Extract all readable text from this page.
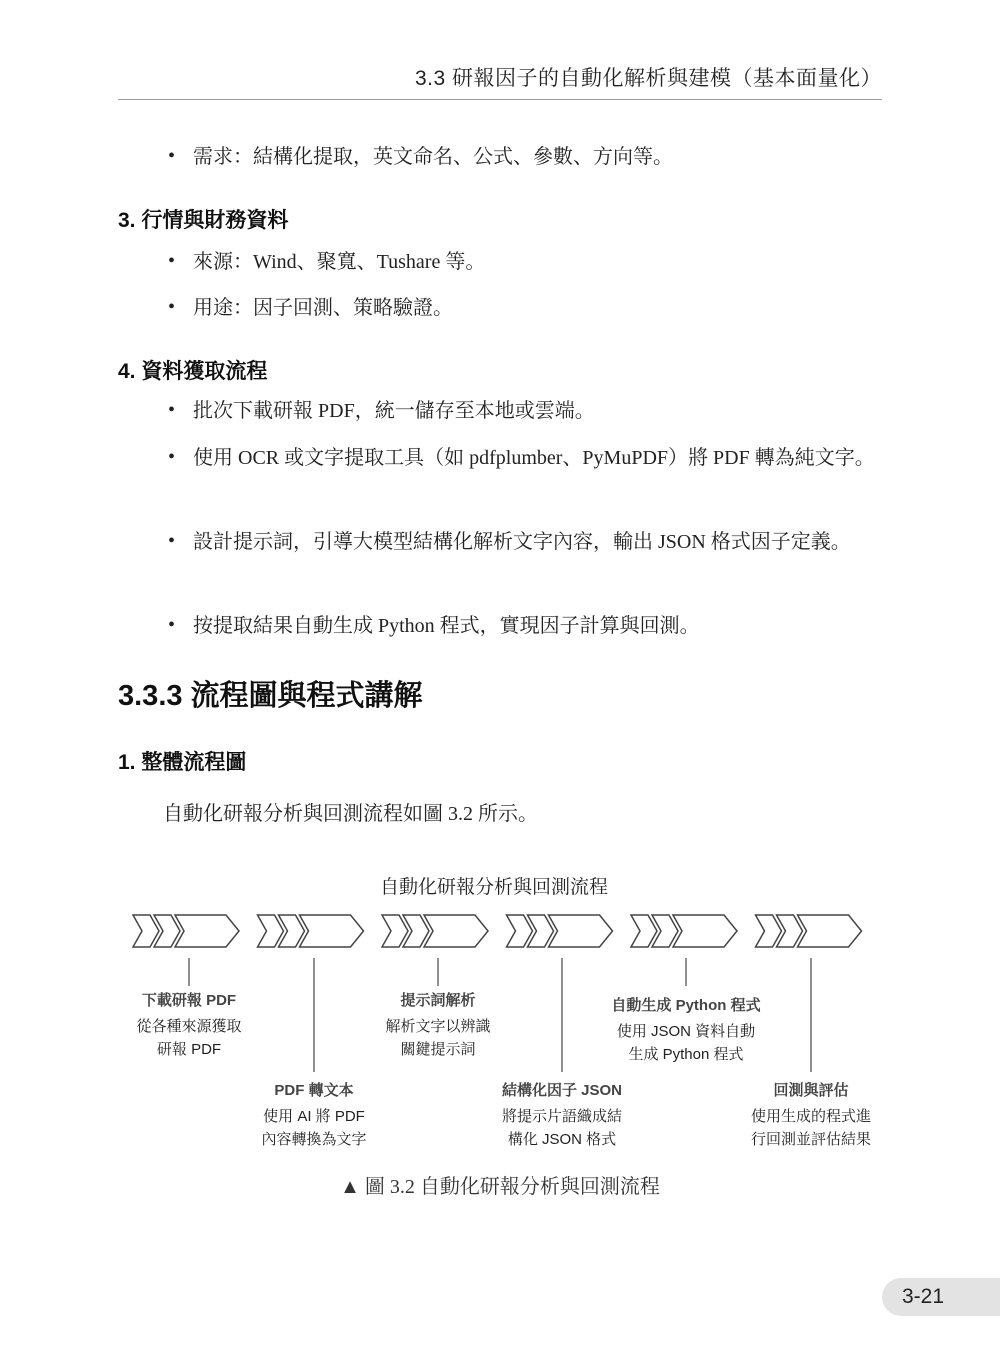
3.3 研報因子的自動化解析與建模（基本面量化）
• 需求：結構化提取，英文命名、公式、參數、方向等。
3. 行情與財務資料
• 來源：Wind、聚寬、Tushare 等。
• 用途：因子回測、策略驗證。
4. 資料獲取流程
• 批次下載研報 PDF，統一儲存至本地或雲端。
• 使用 OCR 或文字提取工具（如 pdfplumber、PyMuPDF）將 PDF 轉為純文字。
• 設計提示詞，引導大模型結構化解析文字內容，輸出 JSON 格式因子定義。
• 按提取結果自動生成 Python 程式，實現因子計算與回測。
3.3.3 流程圖與程式講解
1. 整體流程圖
自動化研報分析與回測流程如圖 3.2 所示。
自動化研報分析與回測流程
下載研報 PDF
從各種來源獲取
研報 PDF
PDF 轉文本
使用 AI 將 PDF
內容轉換為文字
提示詞解析
解析文字以辨識
關鍵提示詞
結構化因子 JSON
將提示片語織成結
構化 JSON 格式
自動生成 Python 程式
使用 JSON 資料自動
生成 Python 程式
回測與評估
使用生成的程式進
行回測並評估結果
▲ 圖 3.2 自動化研報分析與回測流程
3-21
